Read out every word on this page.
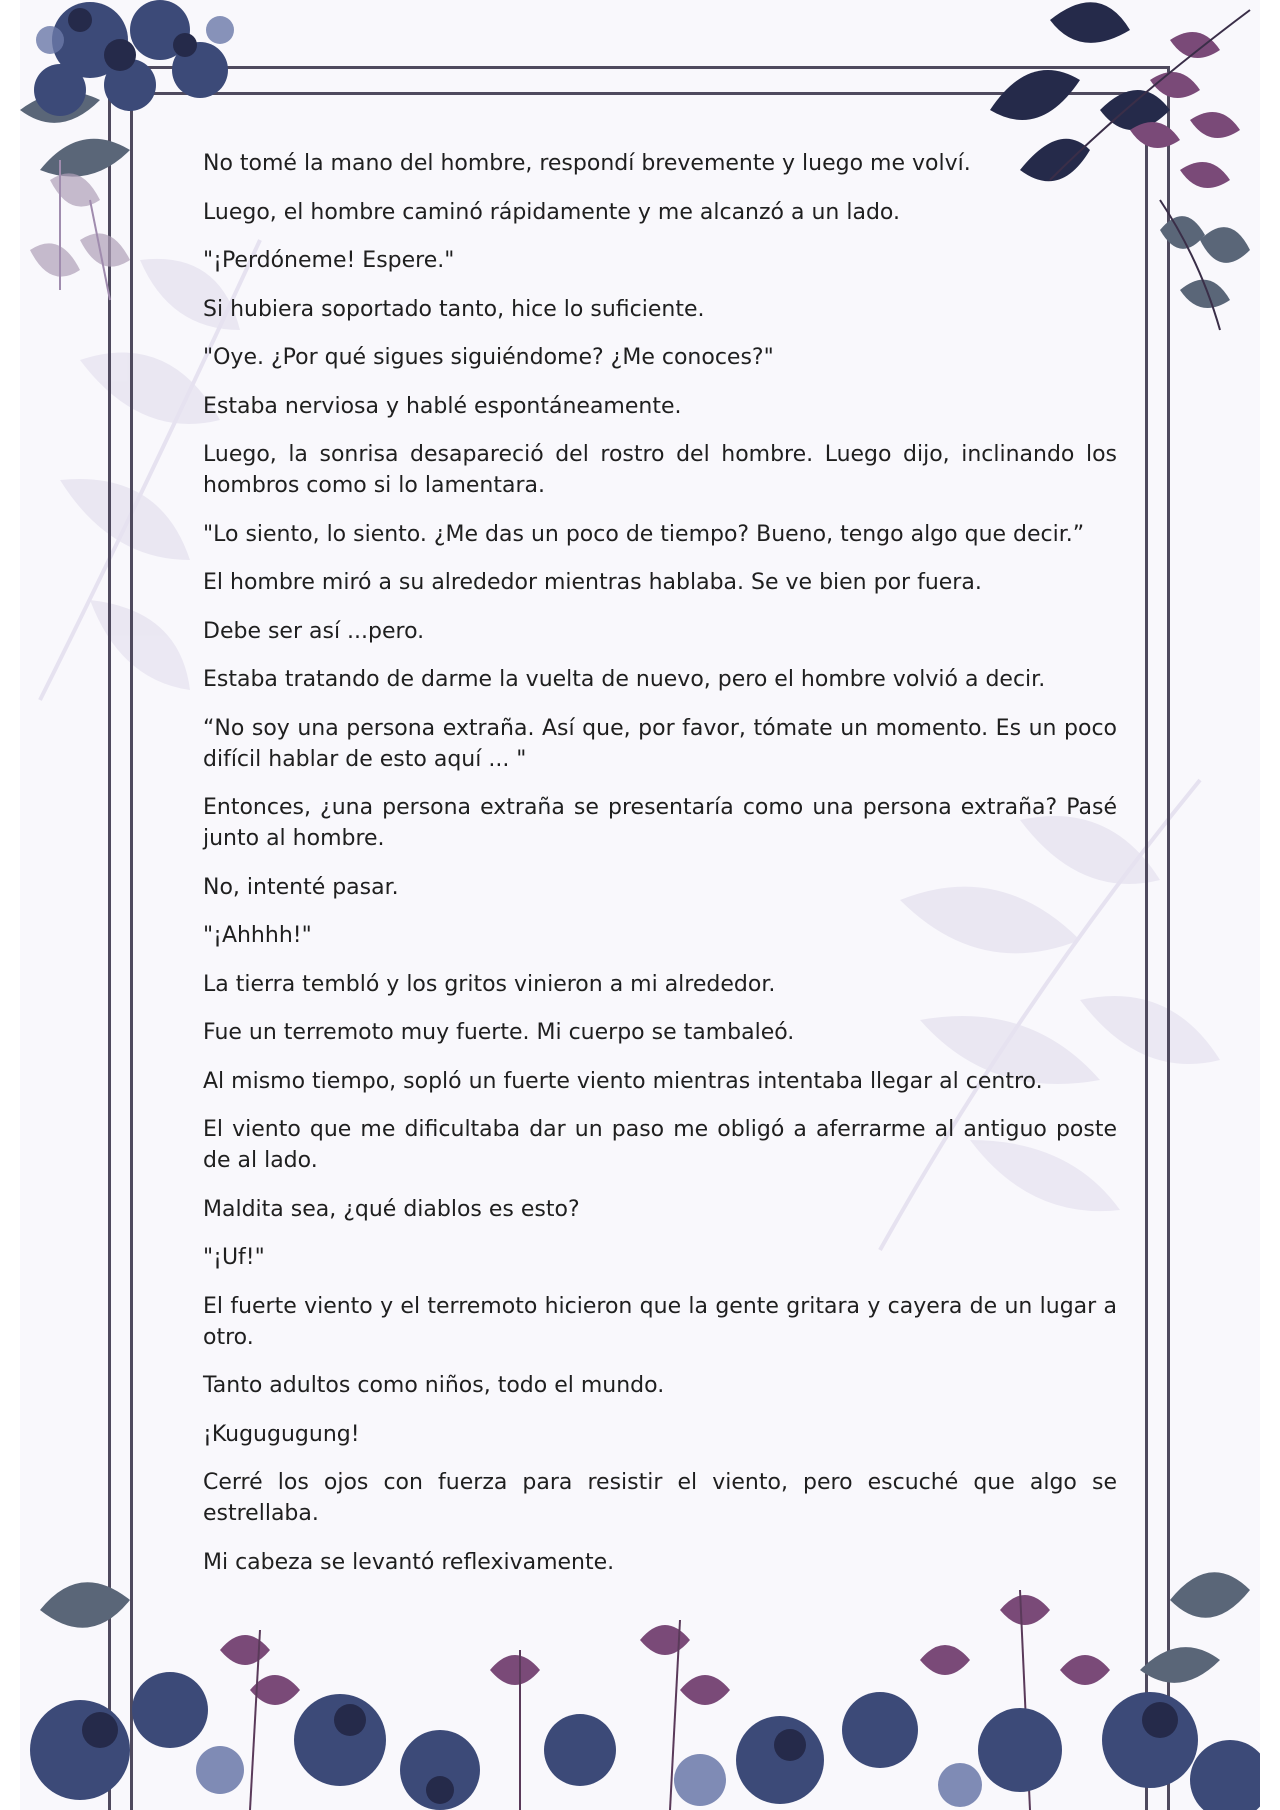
No tomé la mano del hombre, respondí brevemente y luego me volví.

Luego, el hombre caminó rápidamente y me alcanzó a un lado.

"¡Perdóneme! Espere."

Si hubiera soportado tanto, hice lo suficiente.

"Oye. ¿Por qué sigues siguiéndome? ¿Me conoces?"

Estaba nerviosa y hablé espontáneamente.

Luego, la sonrisa desapareció del rostro del hombre. Luego dijo, inclinando los hombros como si lo lamentara.

"Lo siento, lo siento. ¿Me das un poco de tiempo? Bueno, tengo algo que decir.”

El hombre miró a su alrededor mientras hablaba. Se ve bien por fuera.

Debe ser así ...pero.

Estaba tratando de darme la vuelta de nuevo, pero el hombre volvió a decir.

“No soy una persona extraña. Así que, por favor, tómate un momento. Es un poco difícil hablar de esto aquí ... "

Entonces, ¿una persona extraña se presentaría como una persona extraña? Pasé junto al hombre.

No, intenté pasar.

"¡Ahhhh!"

La tierra tembló y los gritos vinieron a mi alrededor.

Fue un terremoto muy fuerte. Mi cuerpo se tambaleó.

Al mismo tiempo, sopló un fuerte viento mientras intentaba llegar al centro.

El viento que me dificultaba dar un paso me obligó a aferrarme al antiguo poste de al lado.

Maldita sea, ¿qué diablos es esto?

"¡Uf!"

El fuerte viento y el terremoto hicieron que la gente gritara y cayera de un lugar a otro.

Tanto adultos como niños, todo el mundo.

¡Kugugugung!

Cerré los ojos con fuerza para resistir el viento, pero escuché que algo se estrellaba.

Mi cabeza se levantó reflexivamente.
